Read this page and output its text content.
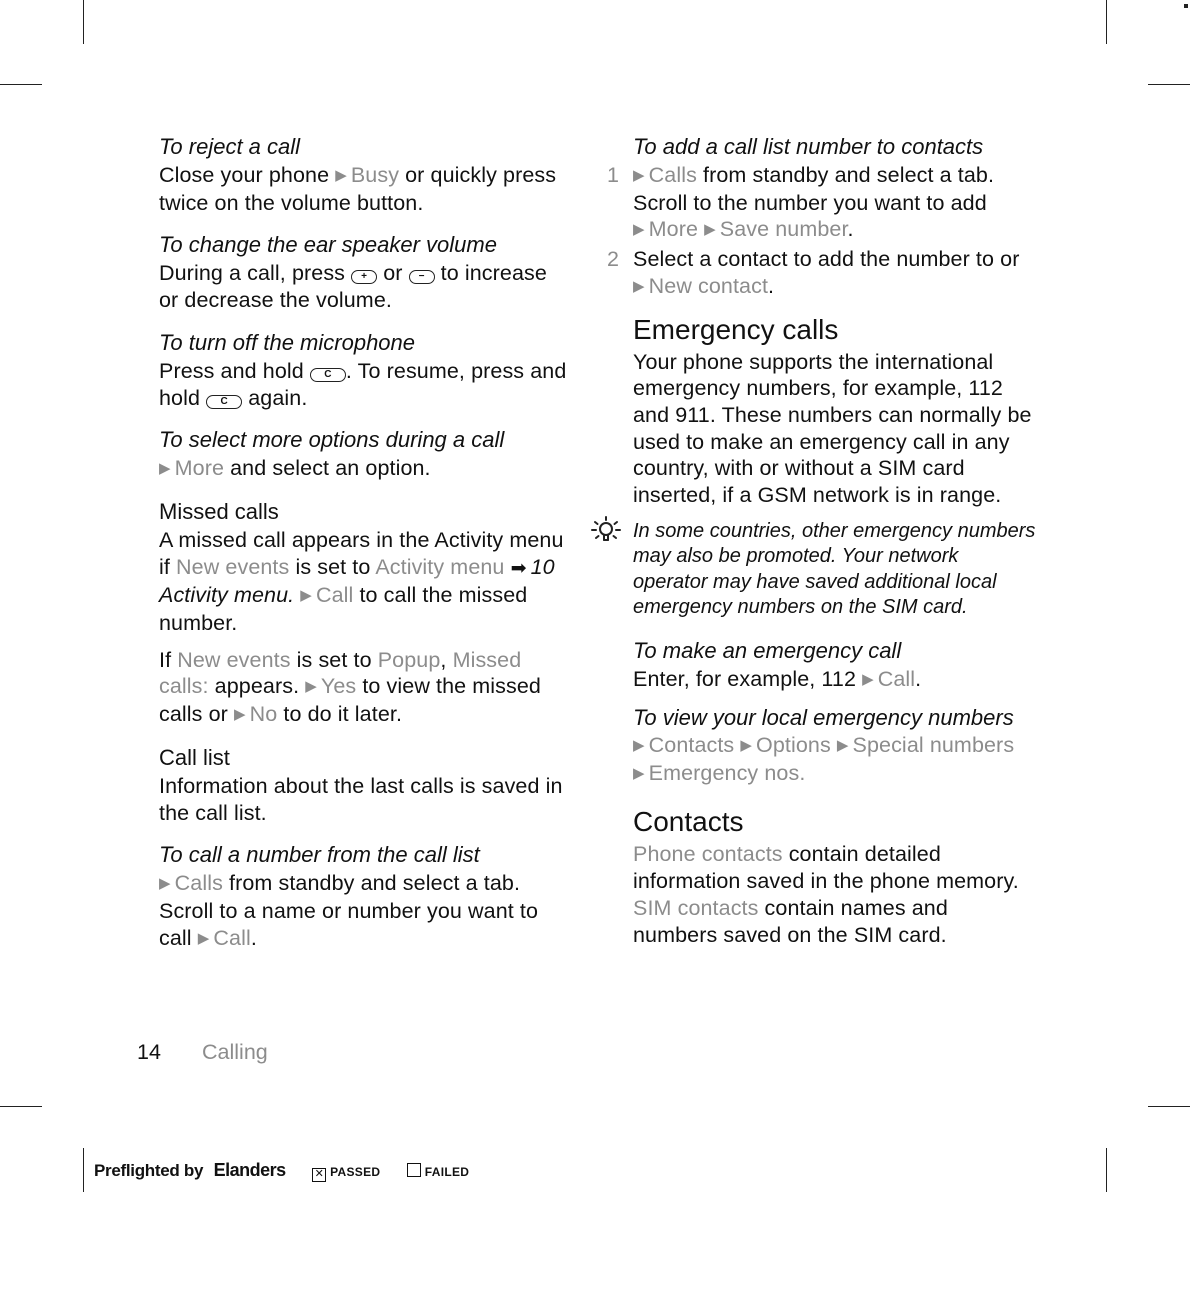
To reject a call

Close your phone ▶ Busy or quickly press twice on the volume button.

To change the ear speaker volume

During a call, press + or − to increase or decrease the volume.

To turn off the microphone

Press and hold C . To resume, press and hold C again.

To select more options during a call

▶ More and select an option.

Missed calls

A missed call appears in the Activity menu if New events is set to Activity menu ➡ 10 Activity menu. ▶ Call to call the missed number.

If New events is set to Popup, Missed calls: appears. ▶ Yes to view the missed calls or ▶ No to do it later.

Call list

Information about the last calls is saved in the call list.

To call a number from the call list

▶ Calls from standby and select a tab. Scroll to a name or number you want to call ▶ Call.

To add a call list number to contacts
1 ▶ Calls from standby and select a tab. Scroll to the number you want to add ▶ More ▶ Save number.

2 Select a contact to add the number to or ▶ New contact.

Emergency calls

Your phone supports the international emergency numbers, for example, 112 and 911. These numbers can normally be used to make an emergency call in any country, with or without a SIM card inserted, if a GSM network is in range.

In some countries, other emergency numbers may also be promoted. Your network operator may have saved additional local emergency numbers on the SIM card.
To make an emergency call

Enter, for example, 112 ▶ Call.

To view your local emergency numbers

▶ Contacts ▶ Options ▶ Special numbers ▶ Emergency nos.

Contacts

Phone contacts contain detailed information saved in the phone memory. SIM contacts contain names and numbers saved on the SIM card.

14 Calling
Preflighted by Elanders	✕ PASSED	FAILED
